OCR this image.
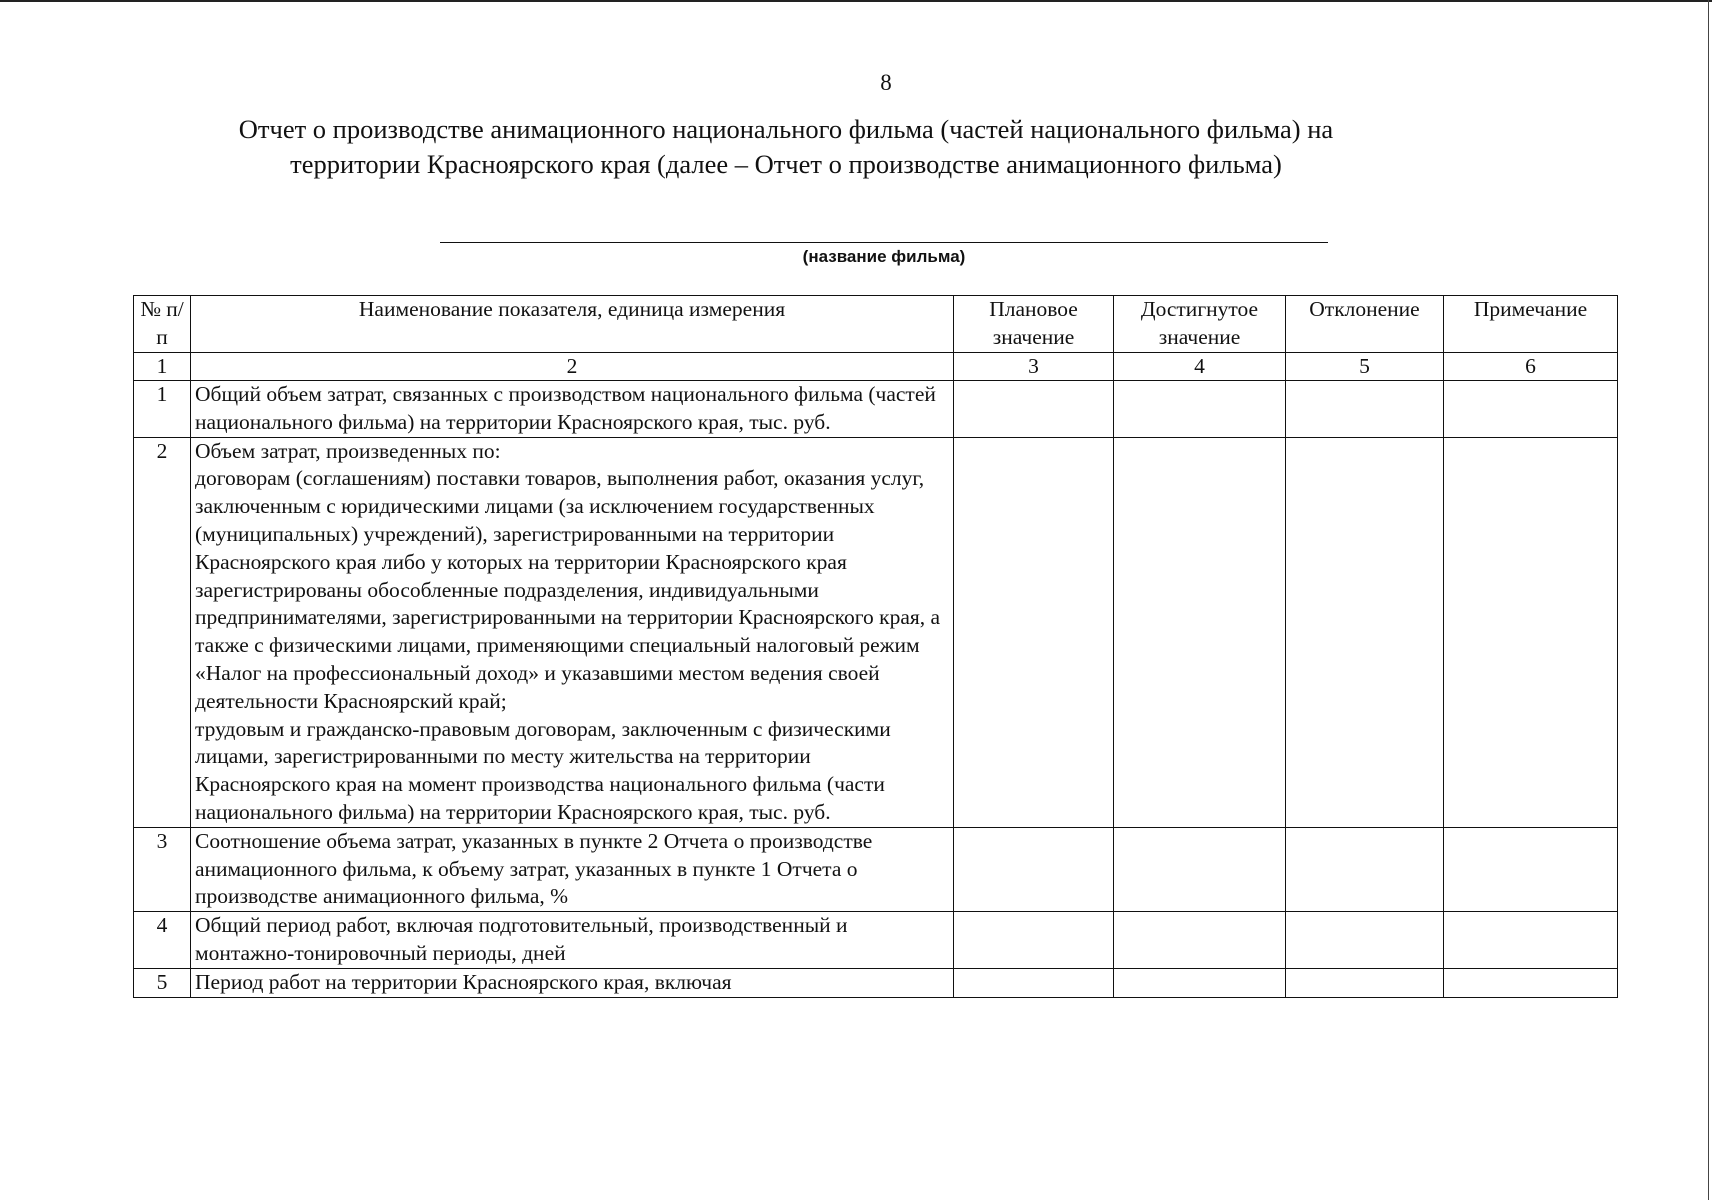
8
Отчет о производстве анимационного национального фильма (частей национального фильма) на территории Красноярского края (далее – Отчет о производстве анимационного фильма)
(название фильма)
№ п/п	Наименование показателя, единица измерения	Плановое значение	Достигнутое значение	Отклонение	Примечание
1	2	3	4	5	6
1	Общий объем затрат, связанных с производством национального фильма (частей национального фильма) на территории Красноярского края, тыс. руб.				
2	Объем затрат, произведенных по:
договорам (соглашениям) поставки товаров, выполнения работ, оказания услуг, заключенным с юридическими лицами (за исключением государственных (муниципальных) учреждений), зарегистрированными на территории Красноярского края либо у которых на территории Красноярского края зарегистрированы обособленные подразделения, индивидуальными предпринимателями, зарегистрированными на территории Красноярского края, а также с физическими лицами, применяющими специальный налоговый режим «Налог на профессиональный доход» и указавшими местом ведения своей деятельности Красноярский край;
трудовым и гражданско-правовым договорам, заключенным с физическими лицами, зарегистрированными по месту жительства на территории Красноярского края на момент производства национального фильма (части национального фильма) на территории Красноярского края, тыс. руб.				
3	Соотношение объема затрат, указанных в пункте 2 Отчета о производстве анимационного фильма, к объему затрат, указанных в пункте 1 Отчета о производстве анимационного фильма, %				
4	Общий период работ, включая подготовительный, производственный и монтажно-тонировочный периоды, дней				
5	Период работ на территории Красноярского края, включая				
